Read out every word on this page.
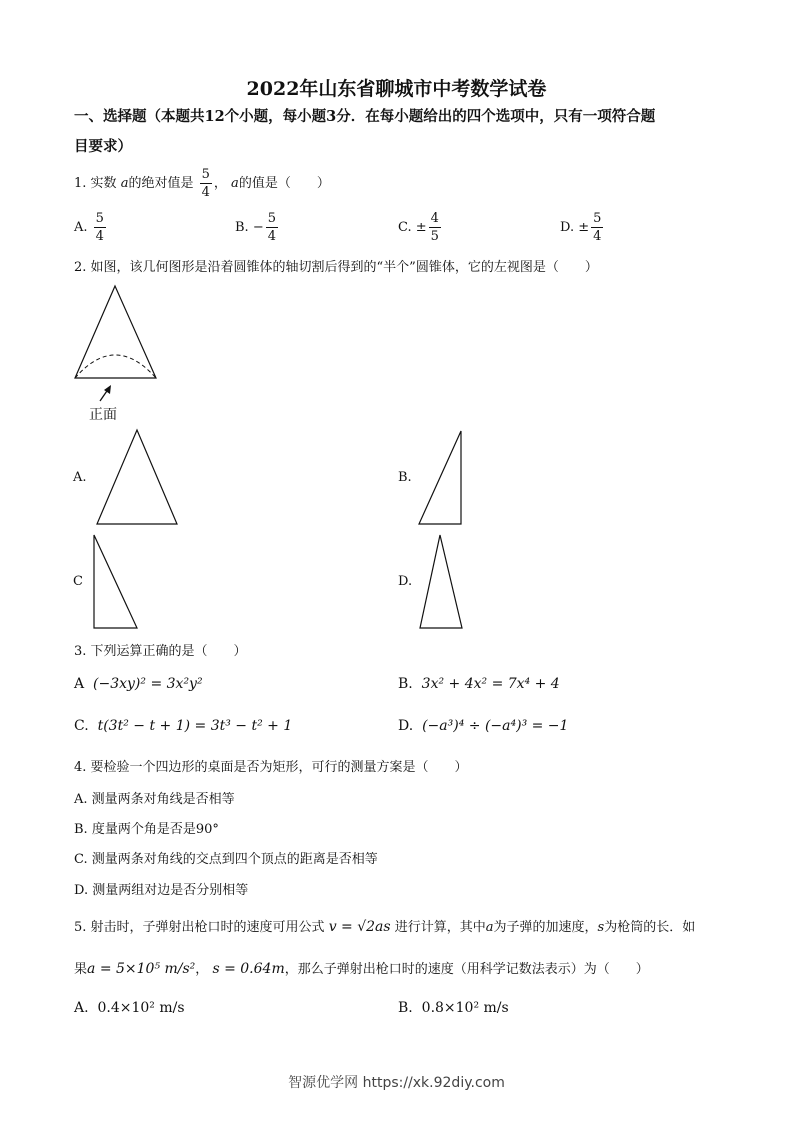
2022年山东省聊城市中考数学试卷
一、选择题（本题共12个小题，每小题3分．在每小题给出的四个选项中，只有一项符合题
目要求）
1. 实数 a的绝对值是 $\frac{5}{4}$ ， a的值是（　　）
A. $\frac{5}{4}$	B. − $\frac{5}{4}$	C. ± $\frac{4}{5}$	D. ± $\frac{5}{4}$
2. 如图，该几何图形是沿着圆锥体的轴切割后得到的“半个”圆锥体，它的左视图是（　　）
正面
A.	B.
C	D.
3. 下列运算正确的是（　　）
A (−3xy)² = 3x²y²	B. 3x² + 4x² = 7x⁴ + 4
C. t(3t² − t + 1) = 3t³ − t² + 1	D. (−a³)⁴ ÷ (−a⁴)³ = −1
4. 要检验一个四边形的桌面是否为矩形，可行的测量方案是（　　）
A. 测量两条对角线是否相等
B. 度量两个角是否是90°
C. 测量两条对角线的交点到四个顶点的距离是否相等
D. 测量两组对边是否分别相等
5. 射击时，子弹射出枪口时的速度可用公式 v = √2as 进行计算，其中a为子弹的加速度，s为枪筒的长．如
果a = 5×10⁵ m/s²， s = 0.64m，那么子弹射出枪口时的速度（用科学记数法表示）为（　　）
A. 0.4×10² m/s	B. 0.8×10² m/s
智源优学网 https://xk.92diy.com
